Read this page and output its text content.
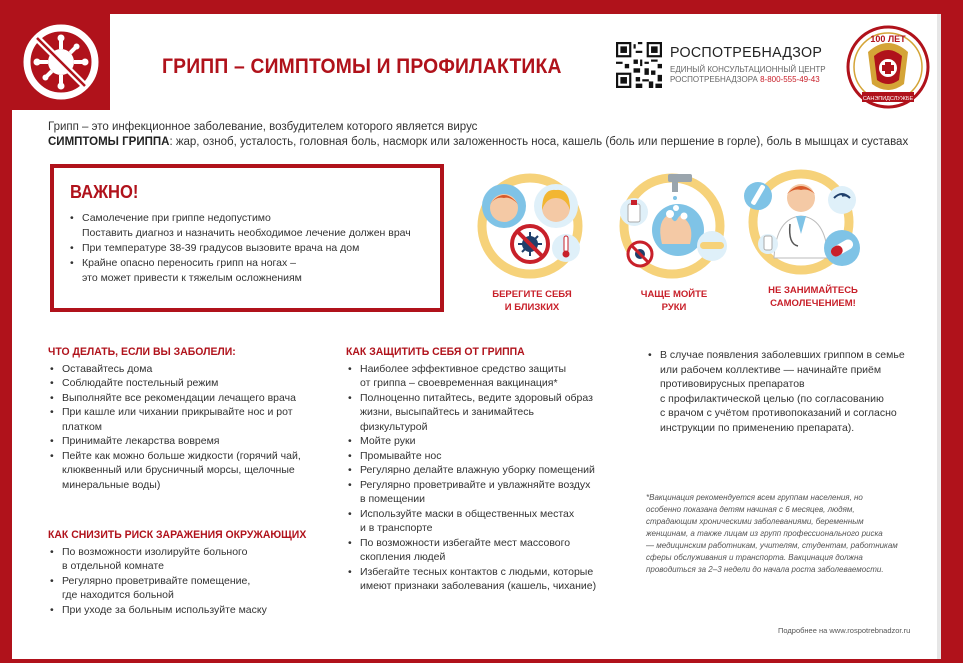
ГРИПП – СИМПТОМЫ И ПРОФИЛАКТИКА
РОСПОТРЕБНАДЗОР
ЕДИНЫЙ КОНСУЛЬТАЦИОННЫЙ ЦЕНТР
РОСПОТРЕБНАДЗОРА 8-800-555-49-43
100 ЛЕТ
САНЭПИДСЛУЖБЕ
Грипп – это инфекционное заболевание, возбудителем которого является вирус
СИМПТОМЫ ГРИППА: жар, озноб, усталость, головная боль, насморк или заложенность носа, кашель (боль или першение в горле), боль в мышцах и суставах
ВАЖНО!
• Самолечение при гриппе недопустимо
Поставить диагноз и назначить необходимое лечение должен врач
• При температуре 38-39 градусов вызовите врача на дом
• Крайне опасно переносить грипп на ногах –
это может привести к тяжелым осложнениям
БЕРЕГИТЕ СЕБЯ
И БЛИЗКИХ
ЧАЩЕ МОЙТЕ
РУКИ
НЕ ЗАНИМАЙТЕСЬ
САМОЛЕЧЕНИЕМ!
ЧТО ДЕЛАТЬ, ЕСЛИ ВЫ ЗАБОЛЕЛИ:
• Оставайтесь дома
• Соблюдайте постельный режим
• Выполняйте все рекомендации лечащего врача
• При кашле или чихании прикрывайте нос и рот
платком
• Принимайте лекарства вовремя
• Пейте как можно больше жидкости (горячий чай,
клюквенный или брусничный морсы, щелочные
минеральные воды)
КАК СНИЗИТЬ РИСК ЗАРАЖЕНИЯ ОКРУЖАЮЩИХ
• По возможности изолируйте больного
в отдельной комнате
• Регулярно проветривайте помещение,
где находится больной
• При уходе за больным используйте маску
КАК ЗАЩИТИТЬ СЕБЯ ОТ ГРИППА
• Наиболее эффективное средство защиты
от гриппа – своевременная вакцинация*
• Полноценно питайтесь, ведите здоровый образ
жизни, высыпайтесь и занимайтесь
физкультурой
• Мойте руки
• Промывайте нос
• Регулярно делайте влажную уборку помещений
• Регулярно проветривайте и увлажняйте воздух
в помещении
• Используйте маски в общественных местах
и в транспорте
• По возможности избегайте мест массового
скопления людей
• Избегайте тесных контактов с людьми, которые
имеют признаки заболевания (кашель, чихание)
• В случае появления заболевших гриппом в семье
или рабочем коллективе — начинайте приём
противовирусных препаратов
с профилактической целью (по согласованию
с врачом с учётом противопоказаний и согласно
инструкции по применению препарата).
*Вакцинация рекомендуется всем группам населения, но
особенно показана детям начиная с 6 месяцев, людям,
страдающим хроническими заболеваниями, беременным
женщинам, а также лицам из групп профессионального риска
— медицинским работникам, учителям, студентам, работникам
сферы обслуживания и транспорта. Вакцинация должна
проводиться за 2–3 недели до начала роста заболеваемости.
Подробнее на www.rospotrebnadzor.ru
